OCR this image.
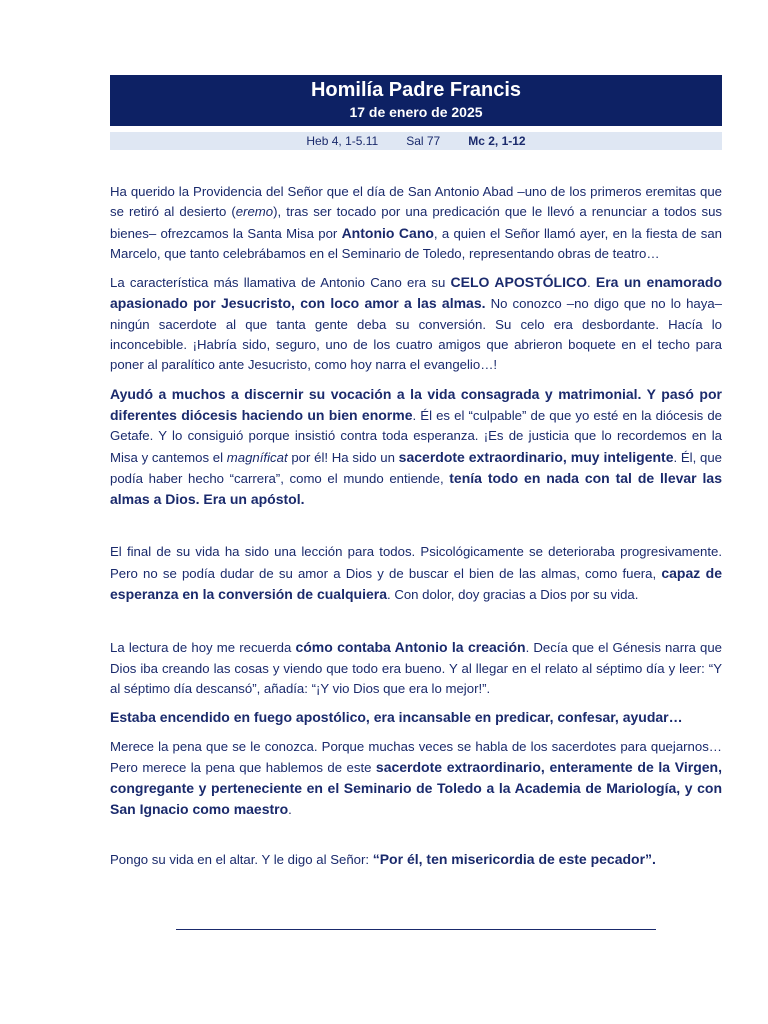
Homilía Padre Francis
17 de enero de 2025
Heb 4, 1-5.11 Sal 77 Mc 2, 1-12

Ha querido la Providencia del Señor que el día de San Antonio Abad –uno de los primeros eremitas que se retiró al desierto (eremo), tras ser tocado por una predicación que le llevó a renunciar a todos sus bienes– ofrezcamos la Santa Misa por Antonio Cano, a quien el Señor llamó ayer, en la fiesta de san Marcelo, que tanto celebrábamos en el Seminario de Toledo, representando obras de teatro…

La característica más llamativa de Antonio Cano era su CELO APOSTÓLICO. Era un enamorado apasionado por Jesucristo, con loco amor a las almas. No conozco –no digo que no lo haya– ningún sacerdote al que tanta gente deba su conversión. Su celo era desbordante. Hacía lo inconcebible. ¡Habría sido, seguro, uno de los cuatro amigos que abrieron boquete en el techo para poner al paralítico ante Jesucristo, como hoy narra el evangelio…!

Ayudó a muchos a discernir su vocación a la vida consagrada y matrimonial. Y pasó por diferentes diócesis haciendo un bien enorme. Él es el “culpable” de que yo esté en la diócesis de Getafe. Y lo consiguió porque insistió contra toda esperanza. ¡Es de justicia que lo recordemos en la Misa y cantemos el magníficat por él! Ha sido un sacerdote extraordinario, muy inteligente. Él, que podía haber hecho “carrera”, como el mundo entiende, tenía todo en nada con tal de llevar las almas a Dios. Era un apóstol.

El final de su vida ha sido una lección para todos. Psicológicamente se deterioraba progresivamente. Pero no se podía dudar de su amor a Dios y de buscar el bien de las almas, como fuera, capaz de esperanza en la conversión de cualquiera. Con dolor, doy gracias a Dios por su vida.

La lectura de hoy me recuerda cómo contaba Antonio la creación. Decía que el Génesis narra que Dios iba creando las cosas y viendo que todo era bueno. Y al llegar en el relato al séptimo día y leer: “Y al séptimo día descansó”, añadía: “¡Y vio Dios que era lo mejor!”.

Estaba encendido en fuego apostólico, era incansable en predicar, confesar, ayudar…

Merece la pena que se le conozca. Porque muchas veces se habla de los sacerdotes para quejarnos… Pero merece la pena que hablemos de este sacerdote extraordinario, enteramente de la Virgen, congregante y perteneciente en el Seminario de Toledo a la Academia de Mariología, y con San Ignacio como maestro.

Pongo su vida en el altar. Y le digo al Señor: “Por él, ten misericordia de este pecador”.
